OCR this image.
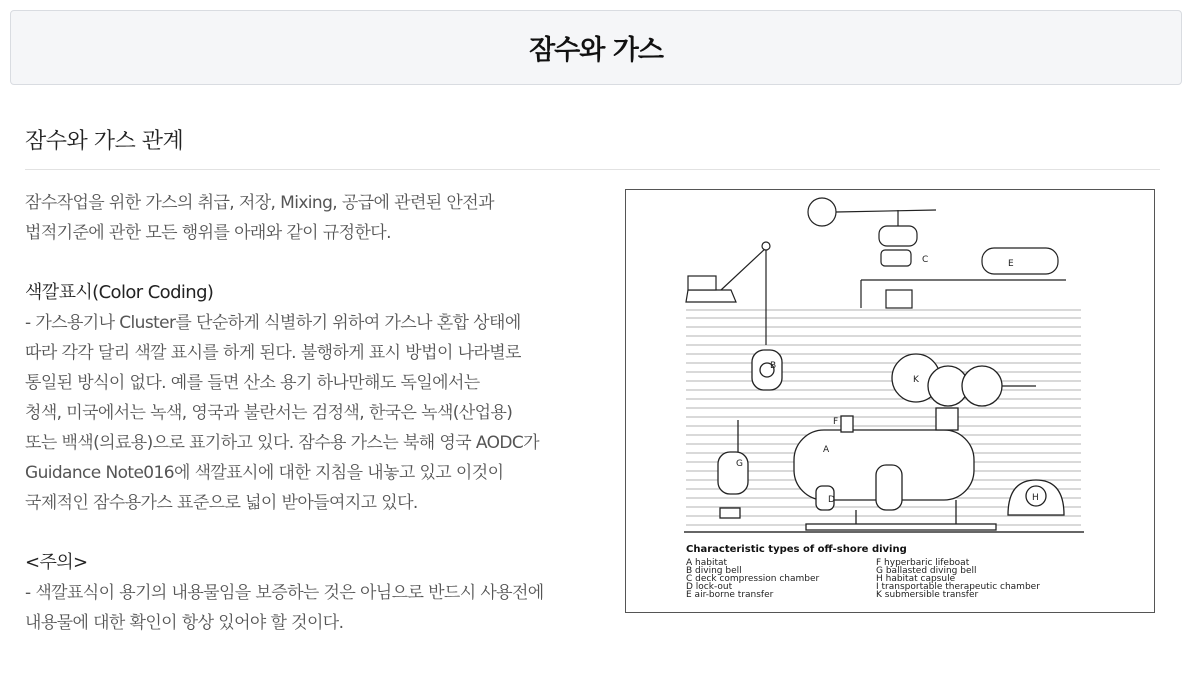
잠수와 가스
잠수와 가스 관계

잠수작업을 위한 가스의 취급, 저장, Mixing, 공급에 관련된 안전과

법적기준에 관한 모든 행위를 아래와 같이 규정한다.

색깔표시(Color Coding)

- 가스용기나 Cluster를 단순하게 식별하기 위하여 가스나 혼합 상태에

따라 각각 달리 색깔 표시를 하게 된다. 불행하게 표시 방법이 나라별로

통일된 방식이 없다. 예를 들면 산소 용기 하나만해도 독일에서는

청색, 미국에서는 녹색, 영국과 불란서는 검정색, 한국은 녹색(산업용)

또는 백색(의료용)으로 표기하고 있다. 잠수용 가스는 북해 영국 AODC가

Guidance Note016에 색깔표시에 대한 지침을 내놓고 있고 이것이

국제적인 잠수용가스 표준으로 넓이 받아들여지고 있다.

<주의>

- 색깔표식이 용기의 내용물임을 보증하는 것은 아님으로 반드시 사용전에

내용물에 대한 확인이 항상 있어야 할 것이다.

A
B
C
D
E
F
G
H
K
Characteristic types of off-shore diving
A habitat
B diving bell
C deck compression chamber
D lock-out
E air-borne transfer
F hyperbaric lifeboat
G ballasted diving bell
H habitat capsule
I transportable therapeutic chamber
K submersible transfer
